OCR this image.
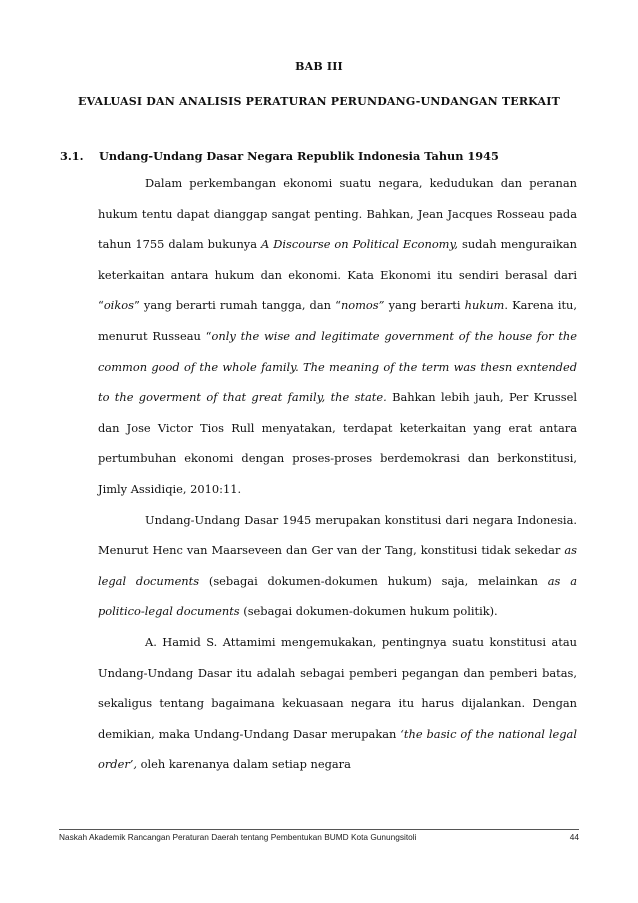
BAB III
EVALUASI DAN ANALISIS PERATURAN PERUNDANG-UNDANGAN TERKAIT
3.1. Undang-Undang Dasar Negara Republik Indonesia Tahun 1945

Dalam perkembangan ekonomi suatu negara, kedudukan dan peranan hukum tentu dapat dianggap sangat penting. Bahkan, Jean Jacques Rosseau pada tahun 1755 dalam bukunya A Discourse on Political Economy, sudah menguraikan keterkaitan antara hukum dan ekonomi. Kata Ekonomi itu sendiri berasal dari “oikos” yang berarti rumah tangga, dan “nomos” yang berarti hukum. Karena itu, menurut Russeau “only the wise and legitimate government of the house for the common good of the whole family. The meaning of the term was thesn exntended to the goverment of that great family, the state. Bahkan lebih jauh, Per Krussel dan Jose Victor Tios Rull menyatakan, terdapat keterkaitan yang erat antara pertumbuhan ekonomi dengan proses-proses berdemokrasi dan berkonstitusi, Jimly Assidiqie, 2010:11.

Undang-Undang Dasar 1945 merupakan konstitusi dari negara Indonesia. Menurut Henc van Maarseveen dan Ger van der Tang, konstitusi tidak sekedar as legal documents (sebagai dokumen-dokumen hukum) saja, melainkan as a politico-legal documents (sebagai dokumen-dokumen hukum politik).

A. Hamid S. Attamimi mengemukakan, pentingnya suatu konstitusi atau Undang-Undang Dasar itu adalah sebagai pemberi pegangan dan pemberi batas, sekaligus tentang bagaimana kekuasaan negara itu harus dijalankan. Dengan demikian, maka Undang-Undang Dasar merupakan ‘the basic of the national legal order’, oleh karenanya dalam setiap negara

Naskah Akademik Rancangan Peraturan Daerah tentang Pembentukan BUMD Kota Gunungsitoli	44
